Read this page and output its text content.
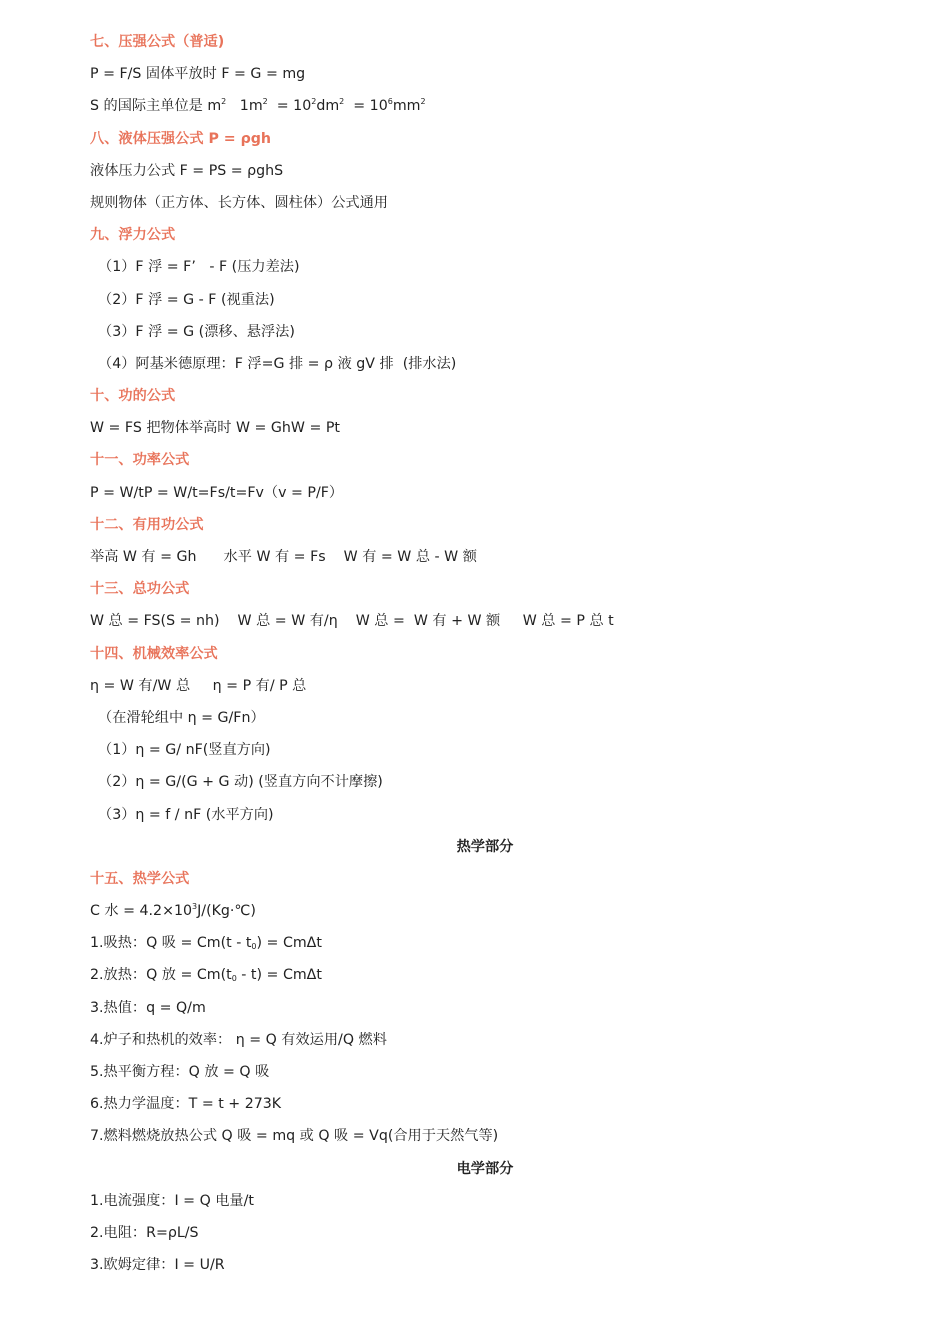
七、压强公式（普适)
P = F/S 固体平放时 F = G = mg
S 的国际主单位是 $m^2$   $1m^2 = 10^2dm^2 = 10^6mm^2$
八、液体压强公式 P = ρgh
液体压力公式 F = PS = ρghS
规则物体（正方体、长方体、圆柱体）公式通用
九、浮力公式
（1）F 浮 = F’   - F (压力差法)
（2）F 浮 = G - F (视重法)
（3）F 浮 = G (漂移、悬浮法)
（4）阿基米德原理：F 浮=G 排 = ρ 液 gV 排  (排水法)
十、功的公式
W = FS 把物体举高时 W = GhW = Pt
十一、功率公式
P = W/tP = W/t=Fs/t=Fv（v = P/F）
十二、有用功公式
举高 W 有 = Gh      水平 W 有 = Fs    W 有 = W 总 - W 额
十三、总功公式
W 总 = FS(S = nh)    W 总 = W 有/η    W 总 =  W 有 + W 额     W 总 = P 总 t
十四、机械效率公式
η = W 有/W 总     η = P 有/ P 总
（在滑轮组中 η = G/Fn）
（1）η = G/ nF(竖直方向)
（2）η = G/(G + G 动) (竖直方向不计摩擦)
（3）η = f / nF (水平方向)
热学部分
十五、热学公式
C 水 = $4.2\times 10^3J/(Kg\cdot℃)$
1.吸热：Q 吸 = $Cm(t - t_0) = Cm\Delta t$
2.放热：Q 放 = $Cm(t_0 - t) = Cm\Delta t$
3.热值：q = Q/m
4.炉子和热机的效率： η = Q 有效运用/Q 燃料
5.热平衡方程：Q 放 = Q 吸
6.热力学温度：T = t + 273K
7.燃料燃烧放热公式 Q 吸 = mq 或 Q 吸 = Vq(合用于天然气等)
电学部分
1.电流强度：I = Q 电量/t
2.电阻：R=ρL/S
3.欧姆定律：I = U/R
